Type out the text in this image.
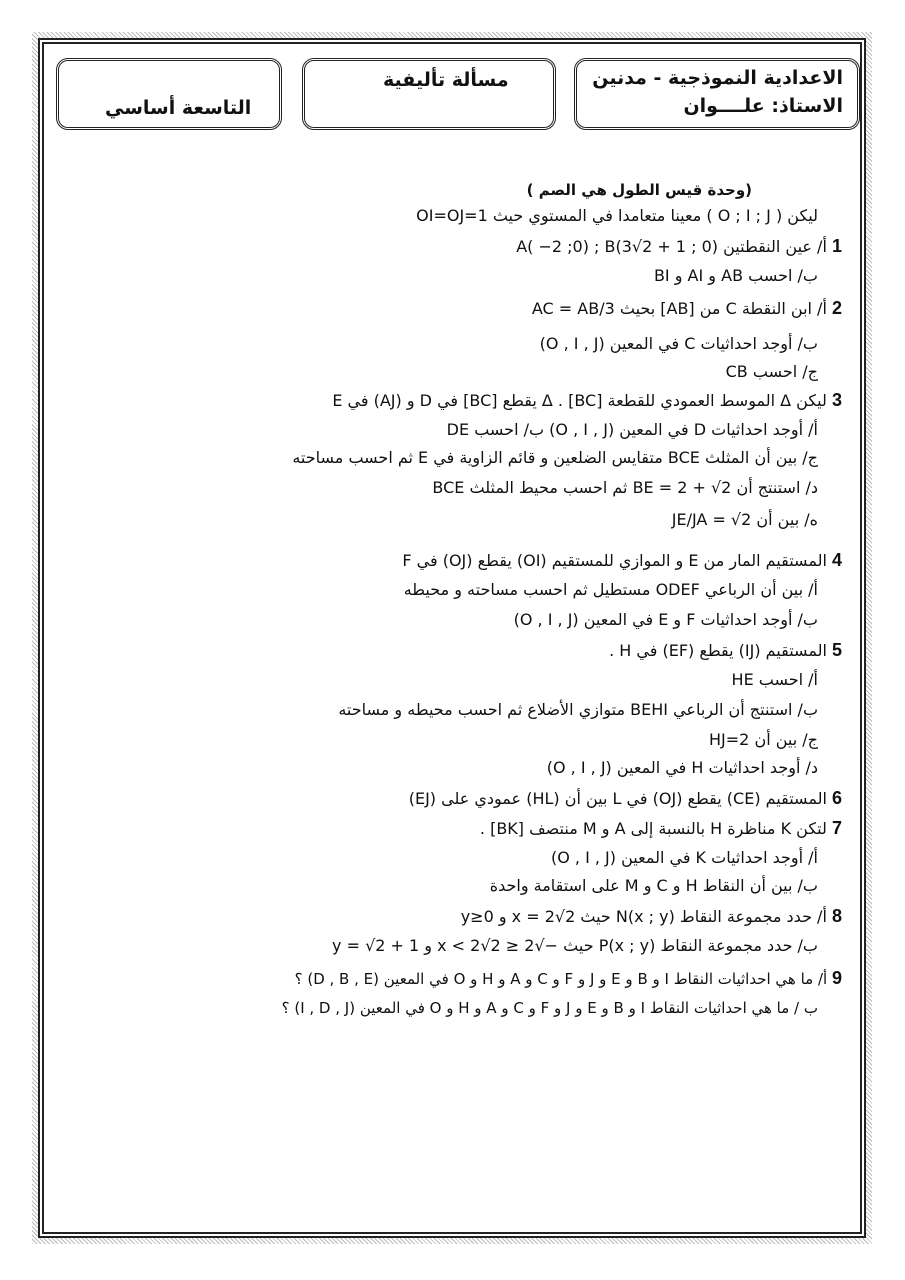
التاسعة أساسي
مسألة تأليفية	الاعدادية النموذجية - مدنين
الاستاذ: علــــوان
(وحدة قيس الطول هي الصم )
ليكن ( O ; I ; J ) معينا متعامدا في المستوي حيث OI=OJ=1
1 أ/ عين النقطتين A( −2 ;0) ; B(3√2 + 1 ; 0)
ب/ احسب AB و AI و BI
2 أ/ ابن النقطة C من [AB] بحيث AC = AB/3
ب/ أوجد احداثيات C في المعين (O , I , J)
ج/ احسب CB
3 ليكن Δ الموسط العمودي للقطعة [BC] . Δ يقطع [BC] في D و (AJ) في E
أ/ أوجد احداثيات D في المعين (O , I , J) ب/ احسب DE
ج/ بين أن المثلث BCE متقايس الضلعين و قائم الزاوية في E ثم احسب مساحته
د/ استنتج أن BE = 2 + √2 ثم احسب محيط المثلث BCE
ه/ بين أن JE/JA = √2
4 المستقيم المار من E و الموازي للمستقيم (OI) يقطع (OJ) في F
أ/ بين أن الرباعي ODEF مستطيل ثم احسب مساحته و محيطه
ب/ أوجد احداثيات F و E في المعين (O , I , J)
5 المستقيم (IJ) يقطع (EF) في H .
أ/ احسب HE
ب/ استنتج أن الرباعي BEHI متوازي الأضلاع ثم احسب محيطه و مساحته
ج/ بين أن HJ=2
د/ أوجد احداثيات H في المعين (O , I , J)
6 المستقيم (CE) يقطع (OJ) في L بين أن (HL) عمودي على (EJ)
7 لتكن K مناظرة H بالنسبة إلى A و M منتصف [BK] .
أ/ أوجد احداثيات K في المعين (O , I , J)
ب/ بين أن النقاط H و C و M على استقامة واحدة
8 أ/ حدد مجموعة النقاط N(x ; y) حيث x = 2√2 و y≥0
ب/ حدد مجموعة النقاط P(x ; y) حيث −√2 ≤ x < 2√2 و y = √2 + 1
9 أ/ ما هي احداثيات النقاط I و B و E و J و F و C و A و H و O في المعين (D , B , E) ؟
ب / ما هي احداثيات النقاط I و B و E و J و F و C و A و H و O في المعين (I , D , J) ؟
